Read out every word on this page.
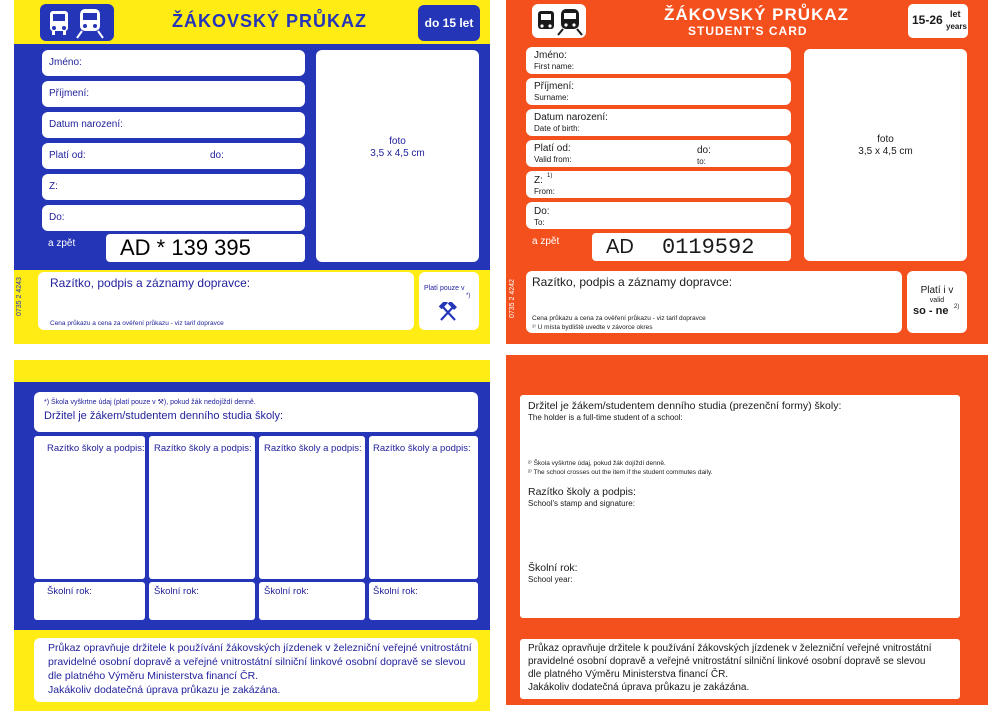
ŽÁKOVSKÝ PRŮKAZ	do 15 let
Jméno:
Příjmení:
Datum narození:
Platí od:	do:
Z:
Do:
a zpět AD * 139 395
foto
3,5 x 4,5 cm
0735 2 4243 Razítko, podpis a záznamy dopravce:
Cena průkazu a cena za ověření průkazu - viz tarif dopravce
Platí pouze v
*)
*) Škola vyškrtne údaj (platí pouze v ⚒), pokud žák nedojíždí denně.
Držitel je žákem/studentem denního studia školy:
Razítko školy a podpis: Razítko školy a podpis: Razítko školy a podpis: Razítko školy a podpis:
Školní rok:	Školní rok:	Školní rok:	Školní rok:
Průkaz opravňuje držitele k používání žákovských jízdenek v železniční veřejné vnitrostátní
pravidelné osobní dopravě a veřejné vnitrostátní silniční linkové osobní dopravě se slevou
dle platného Výměru Ministerstva financí ČR.
Jakákoliv dodatečná úprava průkazu je zakázána.
ŽÁKOVSKÝ PRŮKAZ
STUDENT'S CARD
15-26 let
years
Jméno:
First name:
Příjmení:
Surname:
Datum narození:
Date of birth:
Platí od:
Valid from:
do:
to:
Z: 1)
From:
Do:
To:
a zpět AD 0119592
foto
3,5 x 4,5 cm
0735 2 4242 Razítko, podpis a záznamy dopravce:
Cena průkazu a cena za ověření průkazu - viz tarif dopravce
¹⁾ U místa bydliště uvedte v závorce okres
Platí i v
valid
so - ne 2)
Držitel je žákem/studentem denního studia (prezenční formy) školy:
The holder is a full-time student of a school:
²⁾ Škola vyškrtne údaj, pokud žák dojíždí denně.
²⁾ The school crosses out the item if the student commutes daily.
Razítko školy a podpis:
School's stamp and signature:
Školní rok:
School year:
Průkaz opravňuje držitele k používání žákovských jízdenek v železniční veřejné vnitrostátní
pravidelné osobní dopravě a veřejné vnitrostátní silniční linkové osobní dopravě se slevou
dle platného Výměru Ministerstva financí ČR.
Jakákoliv dodatečná úprava průkazu je zakázána.
